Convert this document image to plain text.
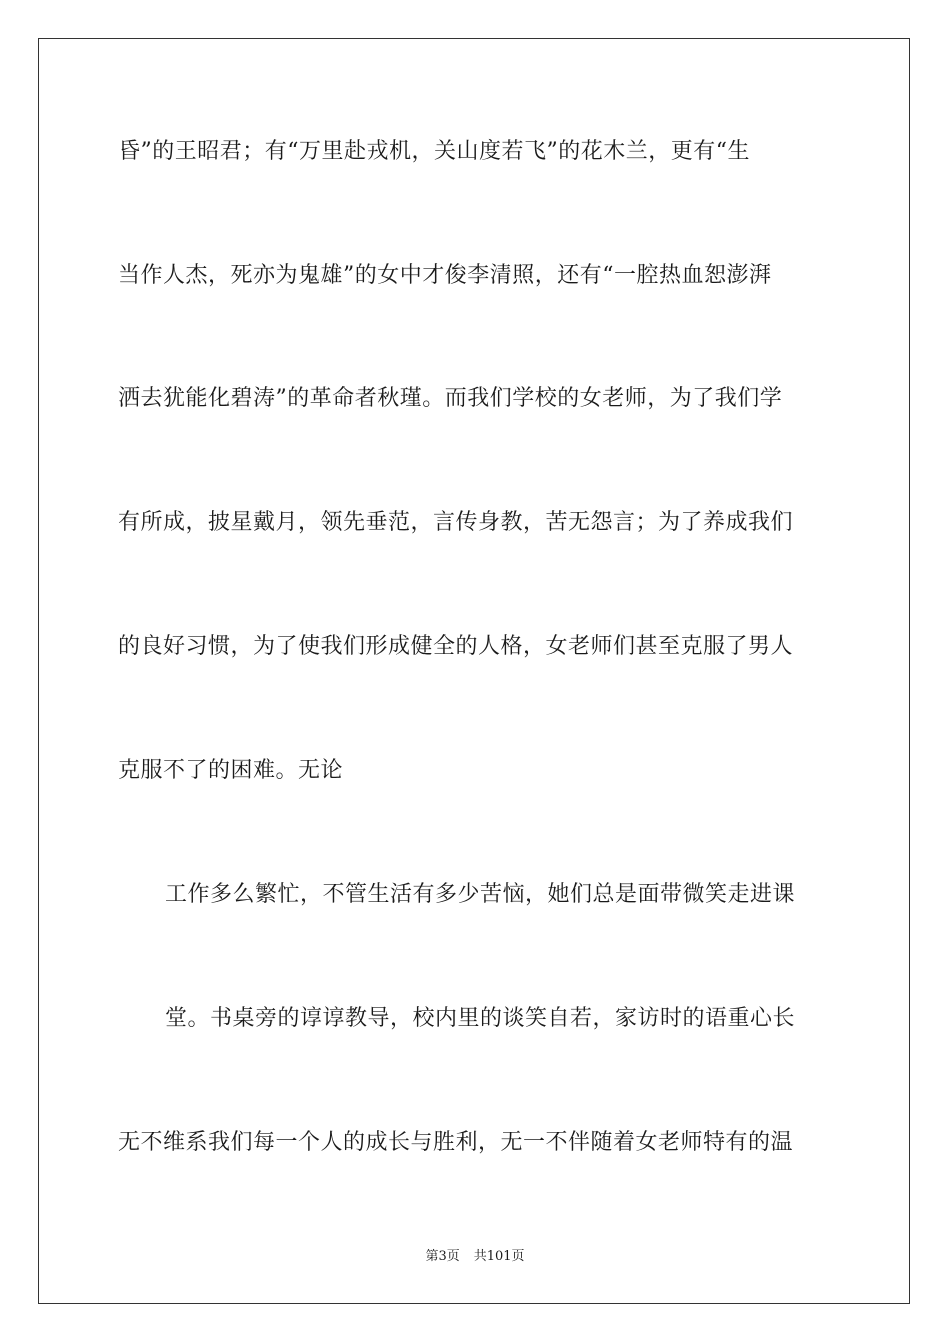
昏”的王昭君；有“万里赴戎机，关山度若飞”的花木兰，更有“生
当作人杰，死亦为鬼雄”的女中才俊李清照，还有“一腔热血恕澎湃
洒去犹能化碧涛”的革命者秋瑾。而我们学校的女老师，为了我们学
有所成，披星戴月，领先垂范，言传身教，苦无怨言；为了养成我们
的良好习惯，为了使我们形成健全的人格，女老师们甚至克服了男人
克服不了的困难。无论
工作多么繁忙，不管生活有多少苦恼，她们总是面带微笑走进课
堂。书桌旁的谆谆教导，校内里的谈笑自若，家访时的语重心长
无不维系我们每一个人的成长与胜利，无一不伴随着女老师特有的温
第3页 共101页
